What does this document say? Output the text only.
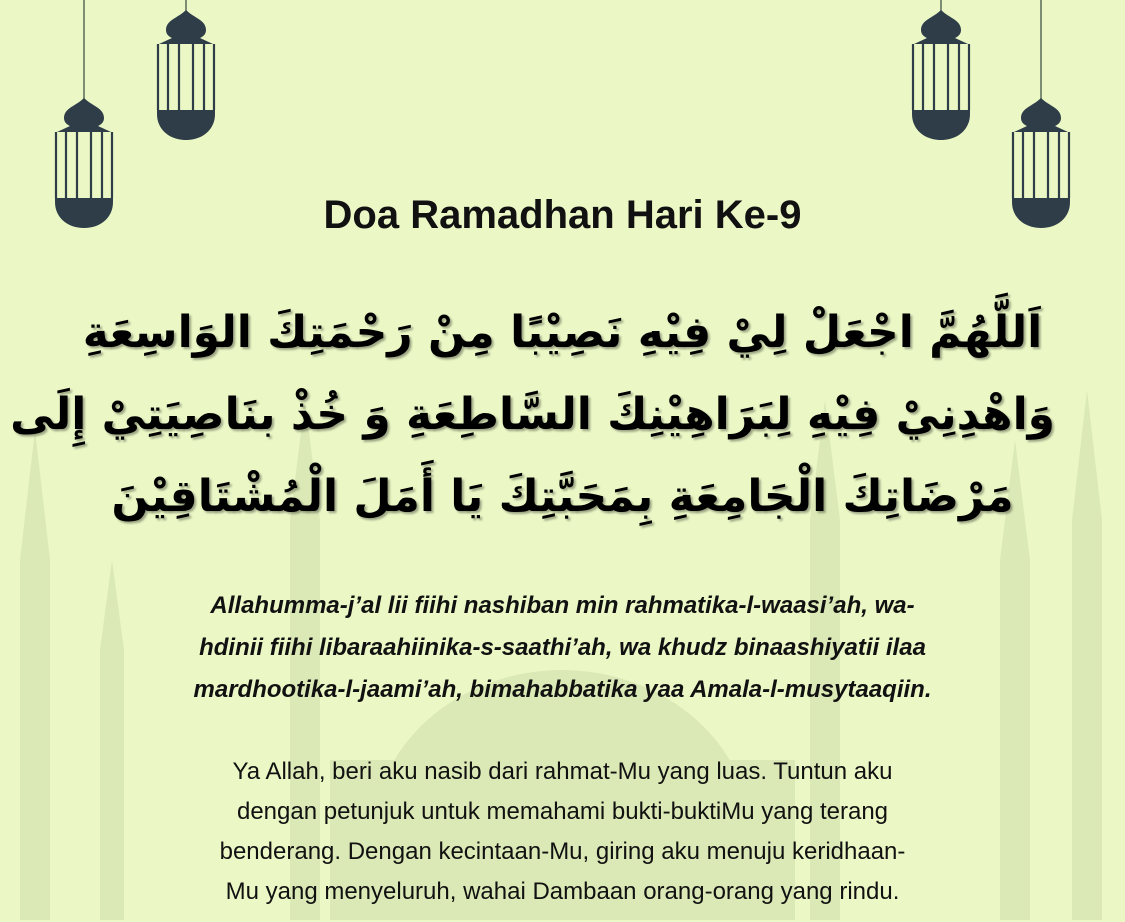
Doa Ramadhan Hari Ke-9
اَللَّهُمَّ اجْعَلْ لِيْ فِيْهِ نَصِيْبًا مِنْ رَحْمَتِكَ الوَاسِعَةِ
وَاهْدِنِيْ فِيْهِ لِبَرَاهِيْنِكَ السَّاطِعَةِ وَ خُذْ بنَاصِيَتِيْ إِلَى
مَرْضَاتِكَ الْجَامِعَةِ بِمَحَبَّتِكَ يَا أَمَلَ الْمُشْتَاقِيْنَ
Allahumma-j’al lii fiihi nashiban min rahmatika-l-waasi’ah, wa-
hdinii fiihi libaraahiinika-s-saathi’ah, wa khudz binaashiyatii ilaa
mardhootika-l-jaami’ah, bimahabbatika yaa Amala-l-musytaaqiin.
Ya Allah, beri aku nasib dari rahmat-Mu yang luas. Tuntun aku
dengan petunjuk untuk memahami bukti-buktiMu yang terang
benderang. Dengan kecintaan-Mu, giring aku menuju keridhaan-
Mu yang menyeluruh, wahai Dambaan orang-orang yang rindu.
